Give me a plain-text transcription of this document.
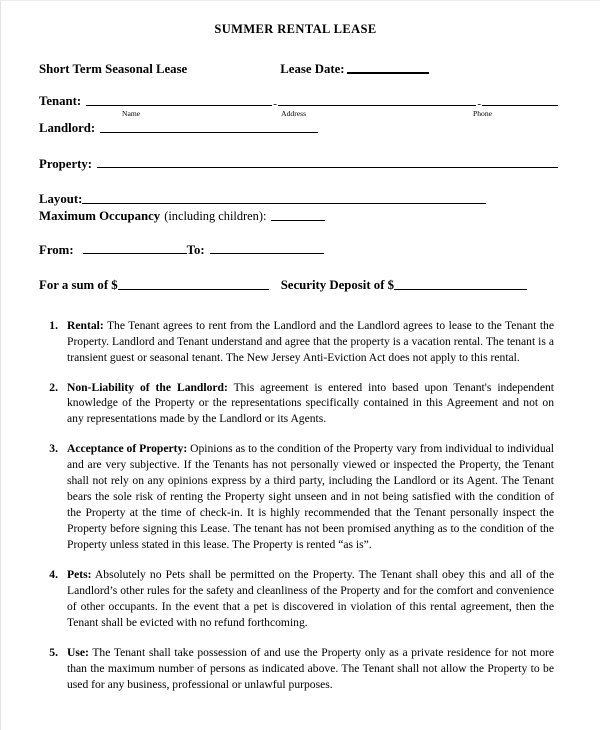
SUMMER RENTAL LEASE
Short Term Seasonal Lease	Lease Date:
Tenant:	-	-
Name	Address	Phone
Landlord:
Property:
Layout:
Maximum Occupancy (including children):
From:	To:
For a sum of $	Security Deposit of $
1. Rental: The Tenant agrees to rent from the Landlord and the Landlord agrees to lease to the Tenant the Property. Landlord and Tenant understand and agree that the property is a vacation rental. The tenant is a transient guest or seasonal tenant. The New Jersey Anti-Eviction Act does not apply to this rental.
2. Non-Liability of the Landlord: This agreement is entered into based upon Tenant's independent knowledge of the Property or the representations specifically contained in this Agreement and not on any representations made by the Landlord or its Agents.
3. Acceptance of Property: Opinions as to the condition of the Property vary from individual to individual and are very subjective. If the Tenants has not personally viewed or inspected the Property, the Tenant shall not rely on any opinions express by a third party, including the Landlord or its Agent. The Tenant bears the sole risk of renting the Property sight unseen and in not being satisfied with the condition of the Property at the time of check-in. It is highly recommended that the Tenant personally inspect the Property before signing this Lease. The tenant has not been promised anything as to the condition of the Property unless stated in this lease. The Property is rented “as is”.
4. Pets: Absolutely no Pets shall be permitted on the Property. The Tenant shall obey this and all of the Landlord’s other rules for the safety and cleanliness of the Property and for the comfort and convenience of other occupants. In the event that a pet is discovered in violation of this rental agreement, then the Tenant shall be evicted with no refund forthcoming.
5. Use: The Tenant shall take possession of and use the Property only as a private residence for not more than the maximum number of persons as indicated above. The Tenant shall not allow the Property to be used for any business, professional or unlawful purposes.
